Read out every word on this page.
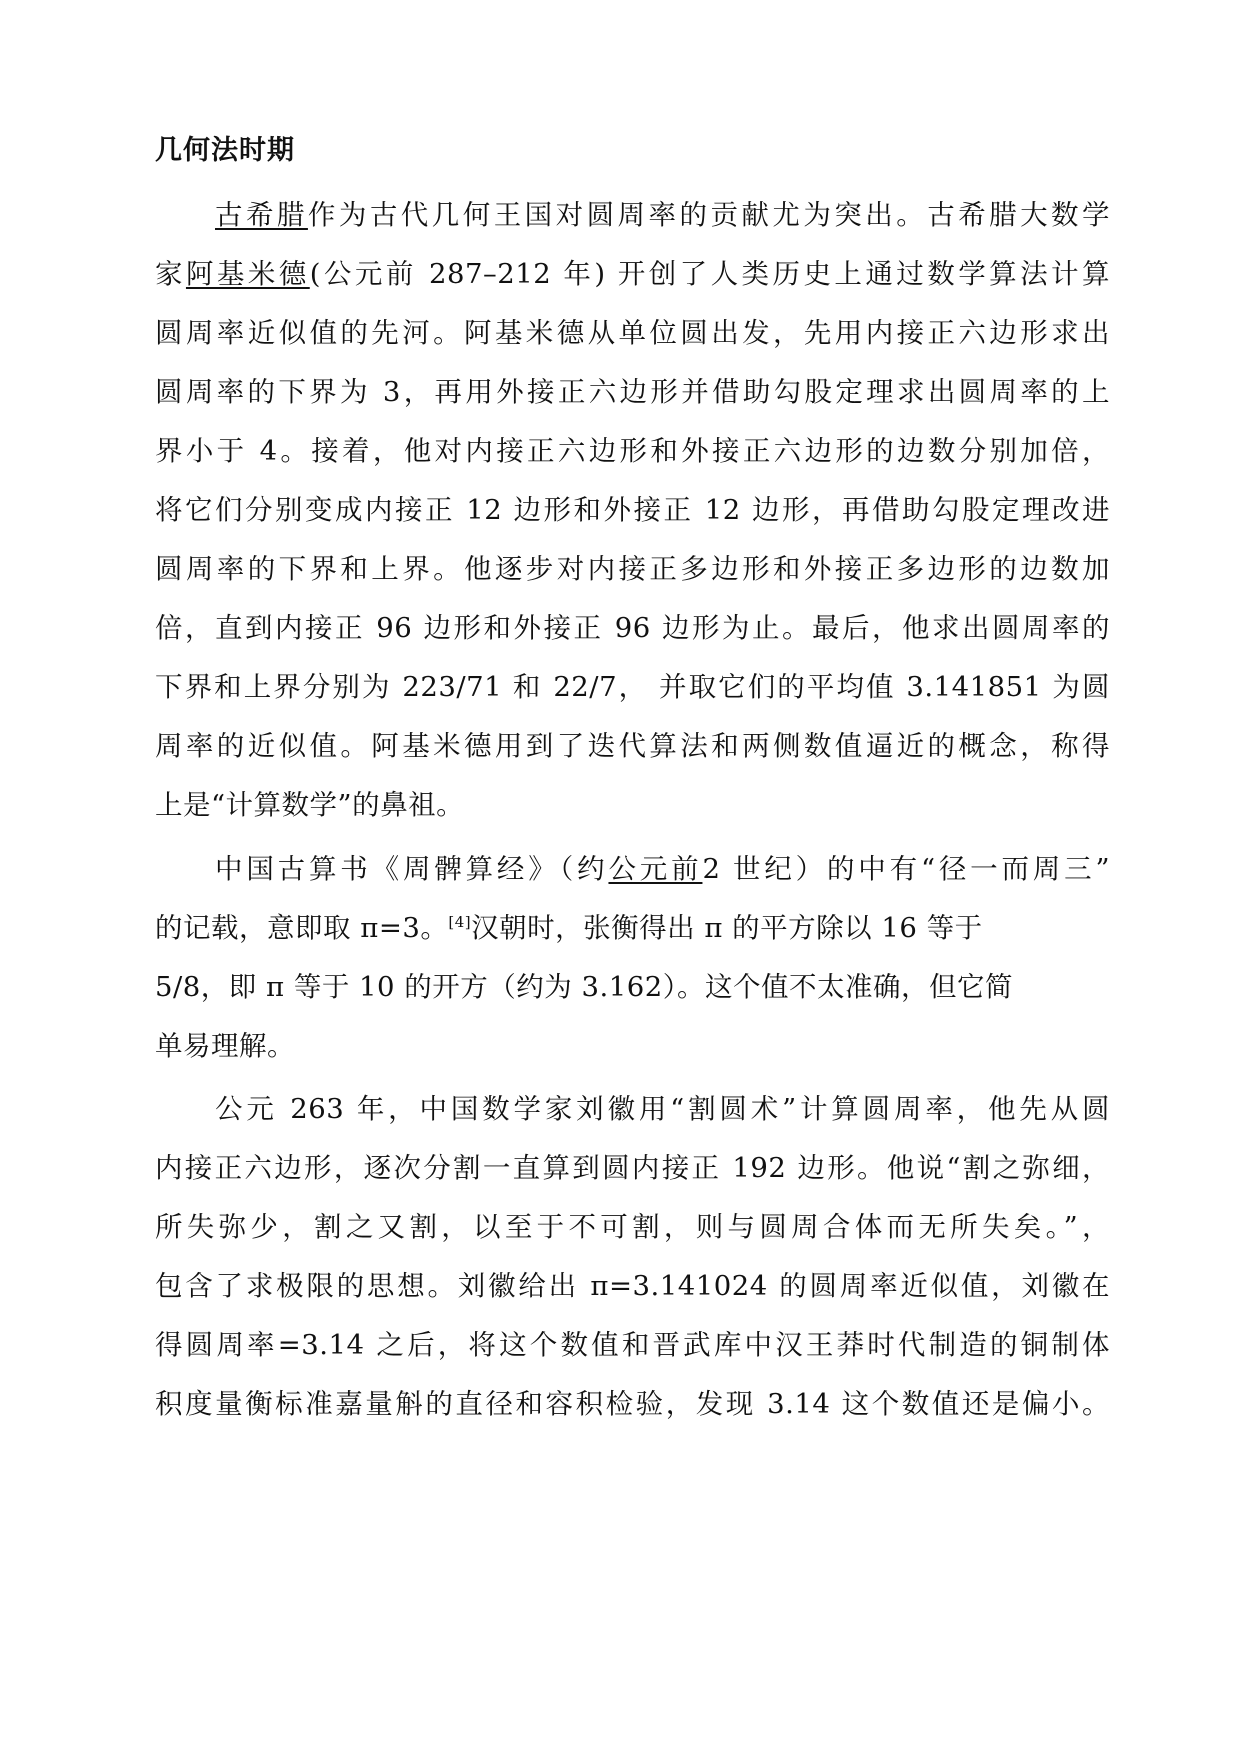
几何法时期
古希腊作为古代几何王国对圆周率的贡献尤为突出。古希腊大数学
家阿基米德(公元前 287–212 年) 开创了人类历史上通过数学算法计算
圆周率近似值的先河。阿基米德从单位圆出发，先用内接正六边形求出
圆周率的下界为 3，再用外接正六边形并借助勾股定理求出圆周率的上
界小于 4。接着，他对内接正六边形和外接正六边形的边数分别加倍，
将它们分别变成内接正 12 边形和外接正 12 边形，再借助勾股定理改进
圆周率的下界和上界。他逐步对内接正多边形和外接正多边形的边数加
倍，直到内接正 96 边形和外接正 96 边形为止。最后，他求出圆周率的
下界和上界分别为 223/71 和 22/7， 并取它们的平均值 3.141851 为圆
周率的近似值。阿基米德用到了迭代算法和两侧数值逼近的概念，称得
上是“计算数学”的鼻祖。
中国古算书《周髀算经》（约公元前2 世纪）的中有“径一而周三”
的记载，意即取 π=3。[4]汉朝时，张衡得出 π 的平方除以 16 等于
5/8，即 π 等于 10 的开方（约为 3.162）。这个值不太准确，但它简
单易理解。
公元 263 年，中国数学家刘徽用“割圆术”计算圆周率，他先从圆
内接正六边形，逐次分割一直算到圆内接正 192 边形。他说“割之弥细，
所失弥少，割之又割，以至于不可割，则与圆周合体而无所失矣。”，
包含了求极限的思想。刘徽给出 π=3.141024 的圆周率近似值，刘徽在
得圆周率=3.14 之后，将这个数值和晋武库中汉王莽时代制造的铜制体
积度量衡标准嘉量斛的直径和容积检验，发现 3.14 这个数值还是偏小。
